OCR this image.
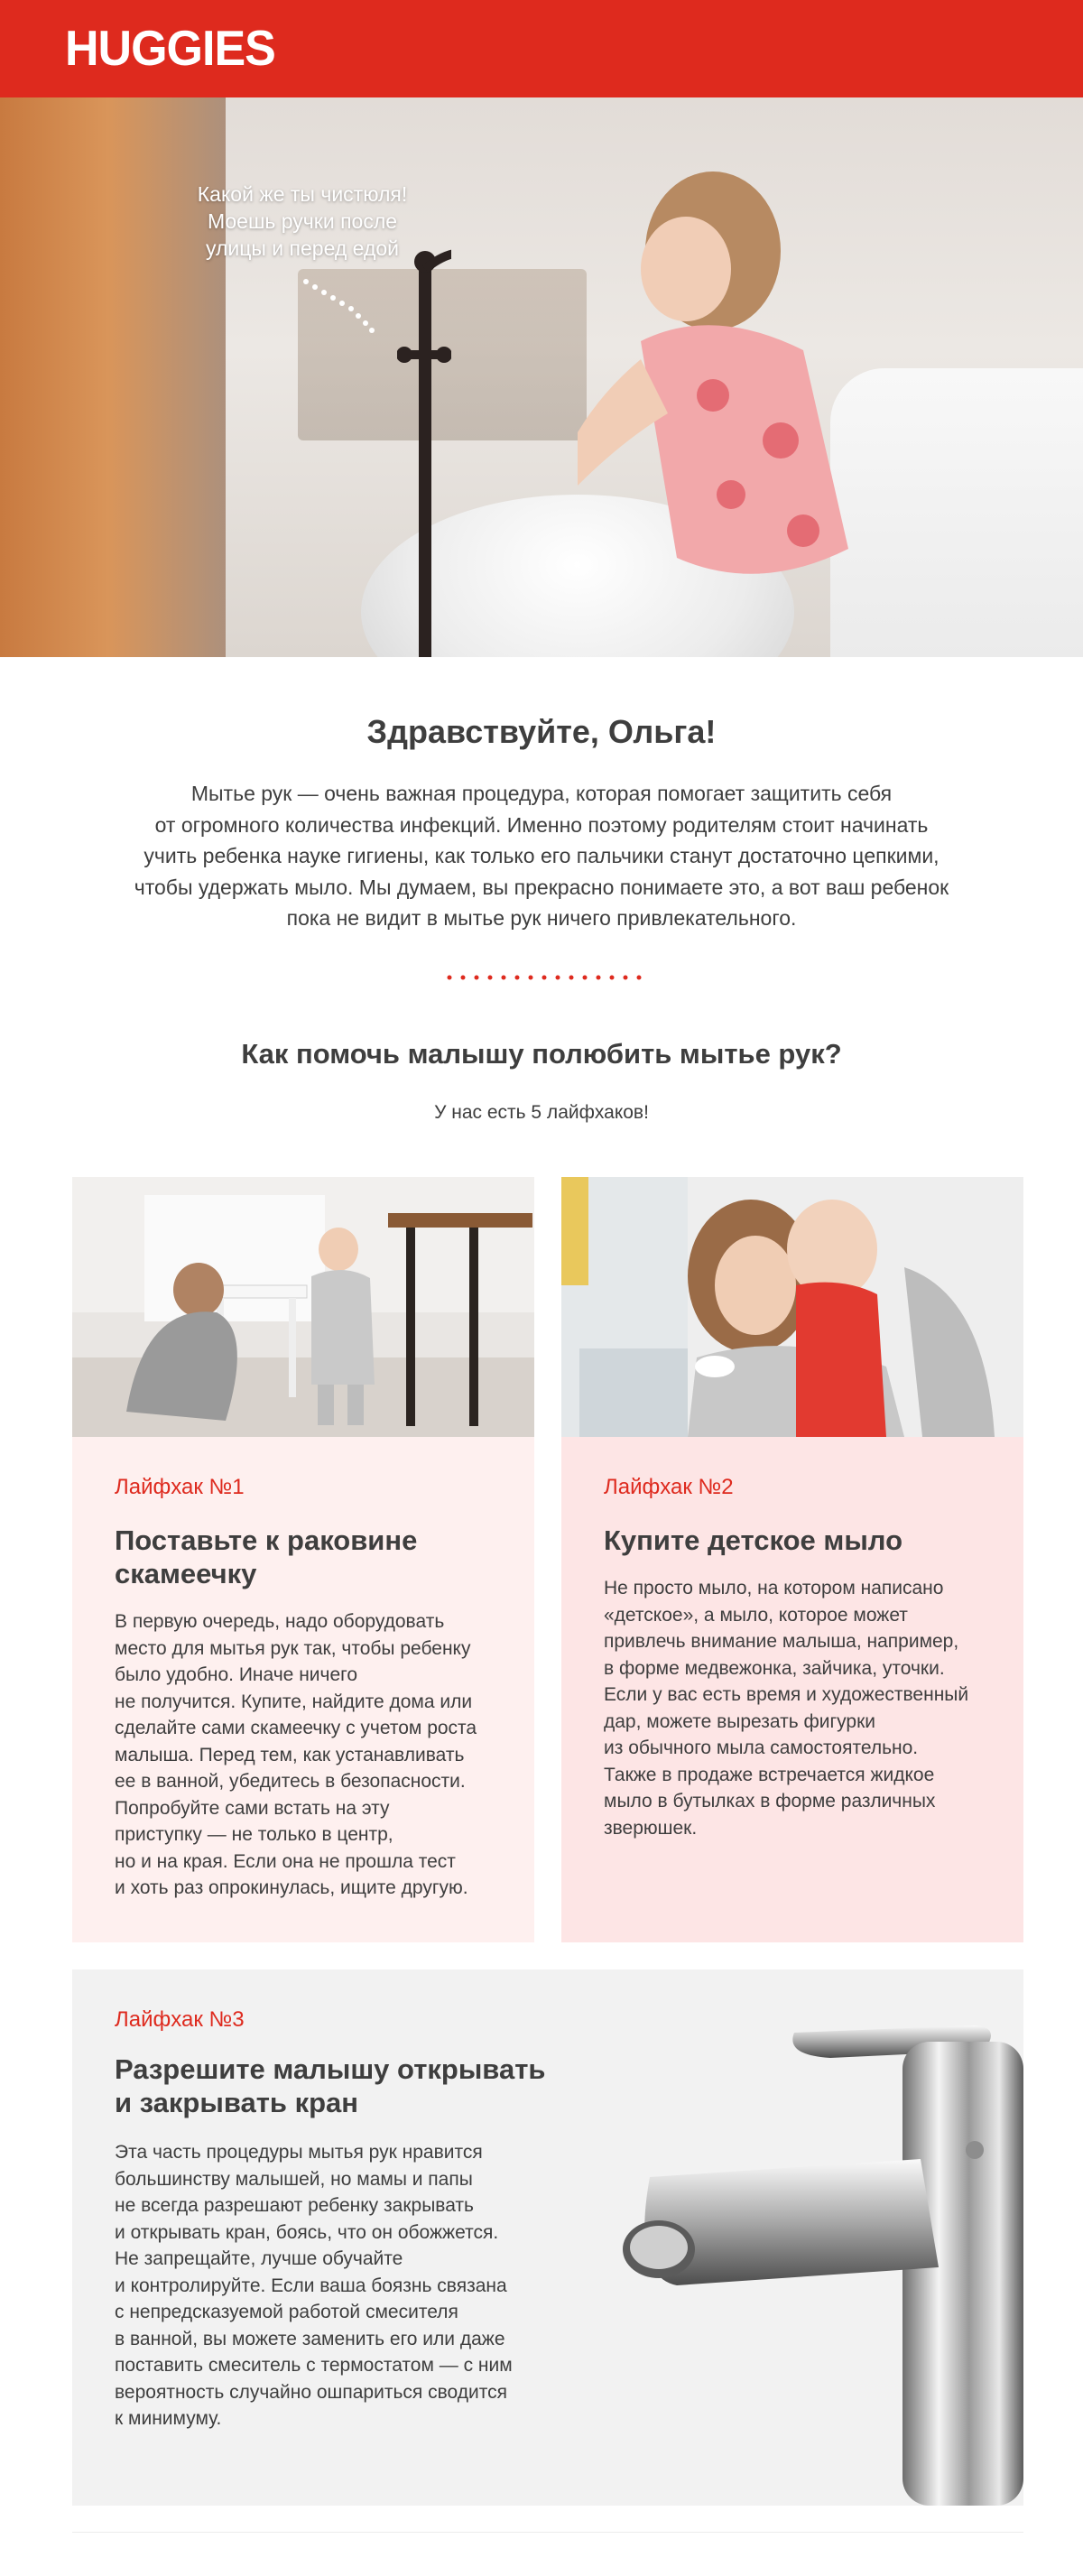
HUGGIES
Какой же ты чистюля!
Моешь ручки после
улицы и перед едой
Здравствуйте, Ольга!
Мытье рук — очень важная процедура, которая помогает защитить себя
от огромного количества инфекций. Именно поэтому родителям стоит начинать
учить ребенка науке гигиены, как только его пальчики станут достаточно цепкими,
чтобы удержать мыло. Мы думаем, вы прекрасно понимаете это, а вот ваш ребенок
пока не видит в мытье рук ничего привлекательного.
Как помочь малышу полюбить мытье рук?
У нас есть 5 лайфхаков!
Лайфхак №1
Поставьте к раковине
скамеечку
В первую очередь, надо оборудовать
место для мытья рук так, чтобы ребенку
было удобно. Иначе ничего
не получится. Купите, найдите дома или
сделайте сами скамеечку с учетом роста
малыша. Перед тем, как устанавливать
ее в ванной, убедитесь в безопасности.
Попробуйте сами встать на эту
приступку — не только в центр,
но и на края. Если она не прошла тест
и хоть раз опрокинулась, ищите другую.
Лайфхак №2
Купите детское мыло
Не просто мыло, на котором написано
«детское», а мыло, которое может
привлечь внимание малыша, например,
в форме медвежонка, зайчика, уточки.
Если у вас есть время и художественный
дар, можете вырезать фигурки
из обычного мыла самостоятельно.
Также в продаже встречается жидкое
мыло в бутылках в форме различных
зверюшек.
Лайфхак №3
Разрешите малышу открывать
и закрывать кран
Эта часть процедуры мытья рук нравится
большинству малышей, но мамы и папы
не всегда разрешают ребенку закрывать
и открывать кран, боясь, что он обожжется.
Не запрещайте, лучше обучайте
и контролируйте. Если ваша боязнь связана
с непредсказуемой работой смесителя
в ванной, вы можете заменить его или даже
поставить смеситель с термостатом — с ним
вероятность случайно ошпариться сводится
к минимуму.
